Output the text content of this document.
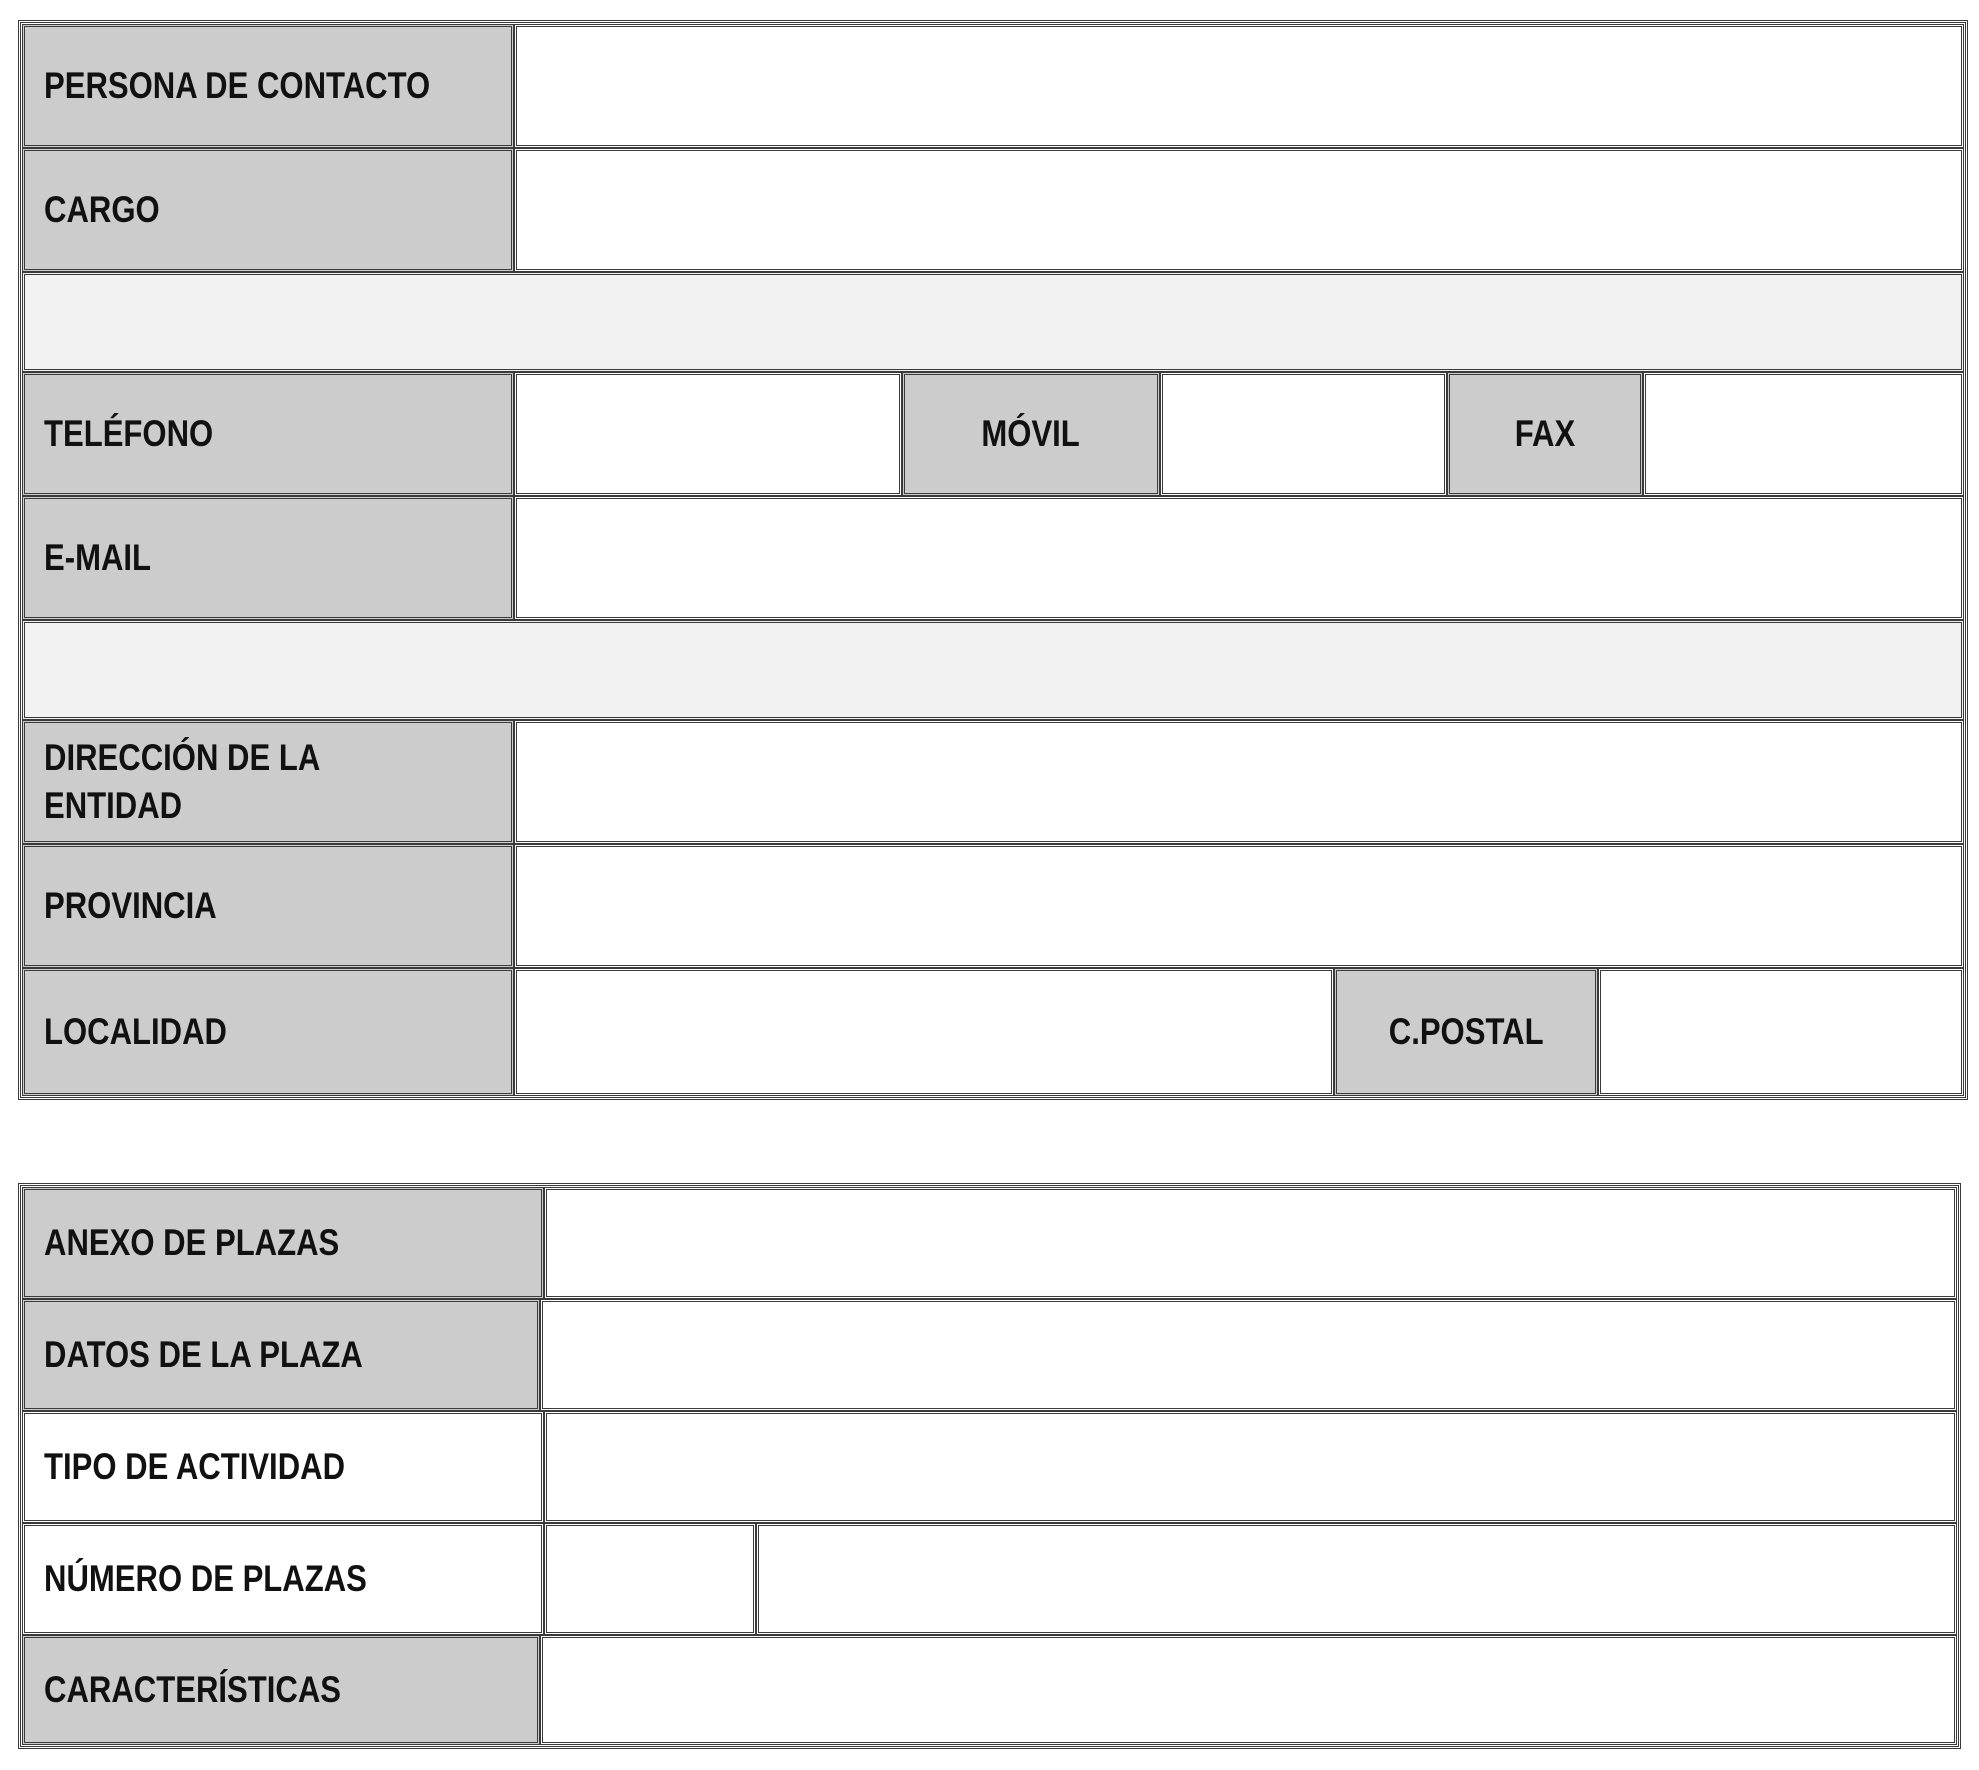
PERSONA DE CONTACTO
CARGO
TELÉFONO	MÓVIL	FAX
E-MAIL
DIRECCIÓN DE LA ENTIDAD
PROVINCIA
LOCALIDAD	C.POSTAL
ANEXO DE PLAZAS
DATOS DE LA PLAZA
TIPO DE ACTIVIDAD
NÚMERO DE PLAZAS
CARACTERÍSTICAS
